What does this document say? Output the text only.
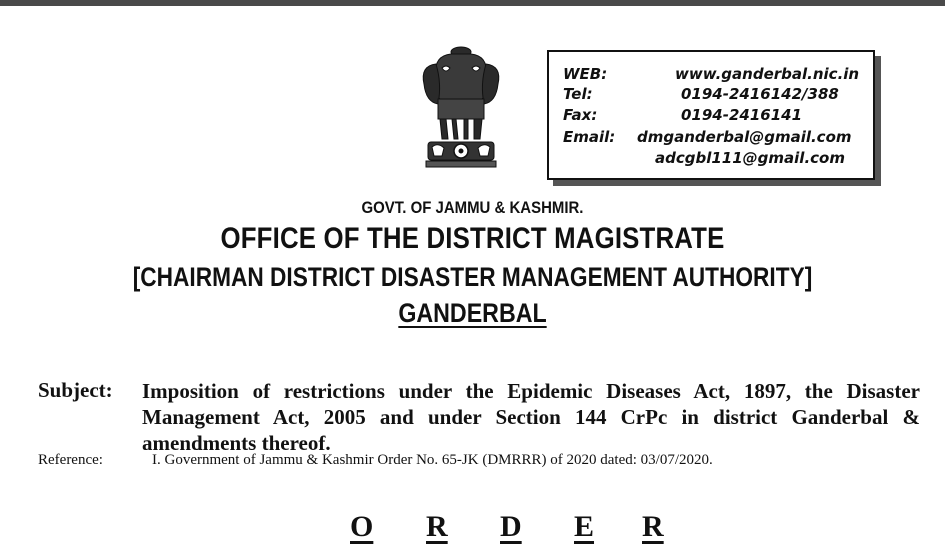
WEB:	www.ganderbal.nic.in
Tel:	0194-2416142/388
Fax:	0194-2416141
Email: dmganderbal@gmail.com
adcgbl111@gmail.com
GOVT. OF JAMMU & KASHMIR.
OFFICE OF THE DISTRICT MAGISTRATE
[CHAIRMAN DISTRICT DISASTER MANAGEMENT AUTHORITY]
GANDERBAL
Subject: Imposition of restrictions under the Epidemic Diseases Act, 1897, the Disaster Management Act, 2005 and under Section 144 CrPc in district Ganderbal & amendments thereof.
Reference:	I. Government of Jammu & Kashmir Order No. 65-JK (DMRRR) of 2020 dated: 03/07/2020.
O R D E R
